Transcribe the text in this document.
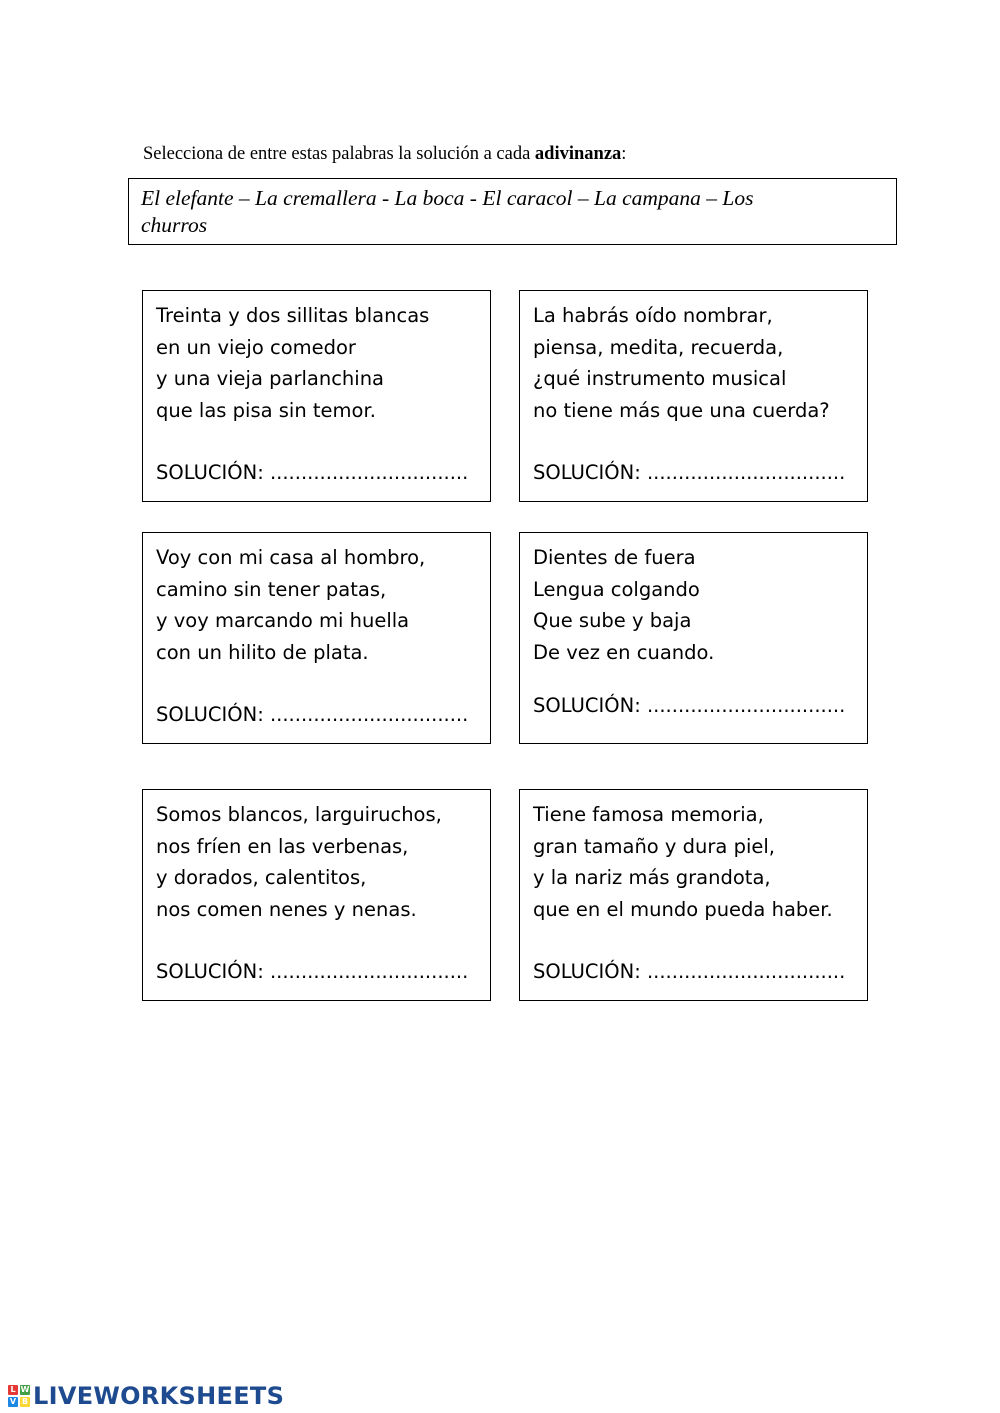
Selecciona de entre estas palabras la solución a cada adivinanza:
El elefante – La cremallera - La boca - El caracol – La campana – Los
churros
Treinta y dos sillitas blancas
en un viejo comedor
y una vieja parlanchina
que las pisa sin temor.
SOLUCIÓN: ................................
La habrás oído nombrar,
piensa, medita, recuerda,
¿qué instrumento musical
no tiene más que una cuerda?
SOLUCIÓN: ................................
Voy con mi casa al hombro,
camino sin tener patas,
y voy marcando mi huella
con un hilito de plata.
SOLUCIÓN: ................................
Dientes de fuera
Lengua colgando
Que sube y baja
De vez en cuando.
SOLUCIÓN: ................................
Somos blancos, larguiruchos,
nos fríen en las verbenas,
y dorados, calentitos,
nos comen nenes y nenas.
SOLUCIÓN: ................................
Tiene famosa memoria,
gran tamaño y dura piel,
y la nariz más grandota,
que en el mundo pueda haber.
SOLUCIÓN: ................................
L W
V B LIVEWORKSHEETS
